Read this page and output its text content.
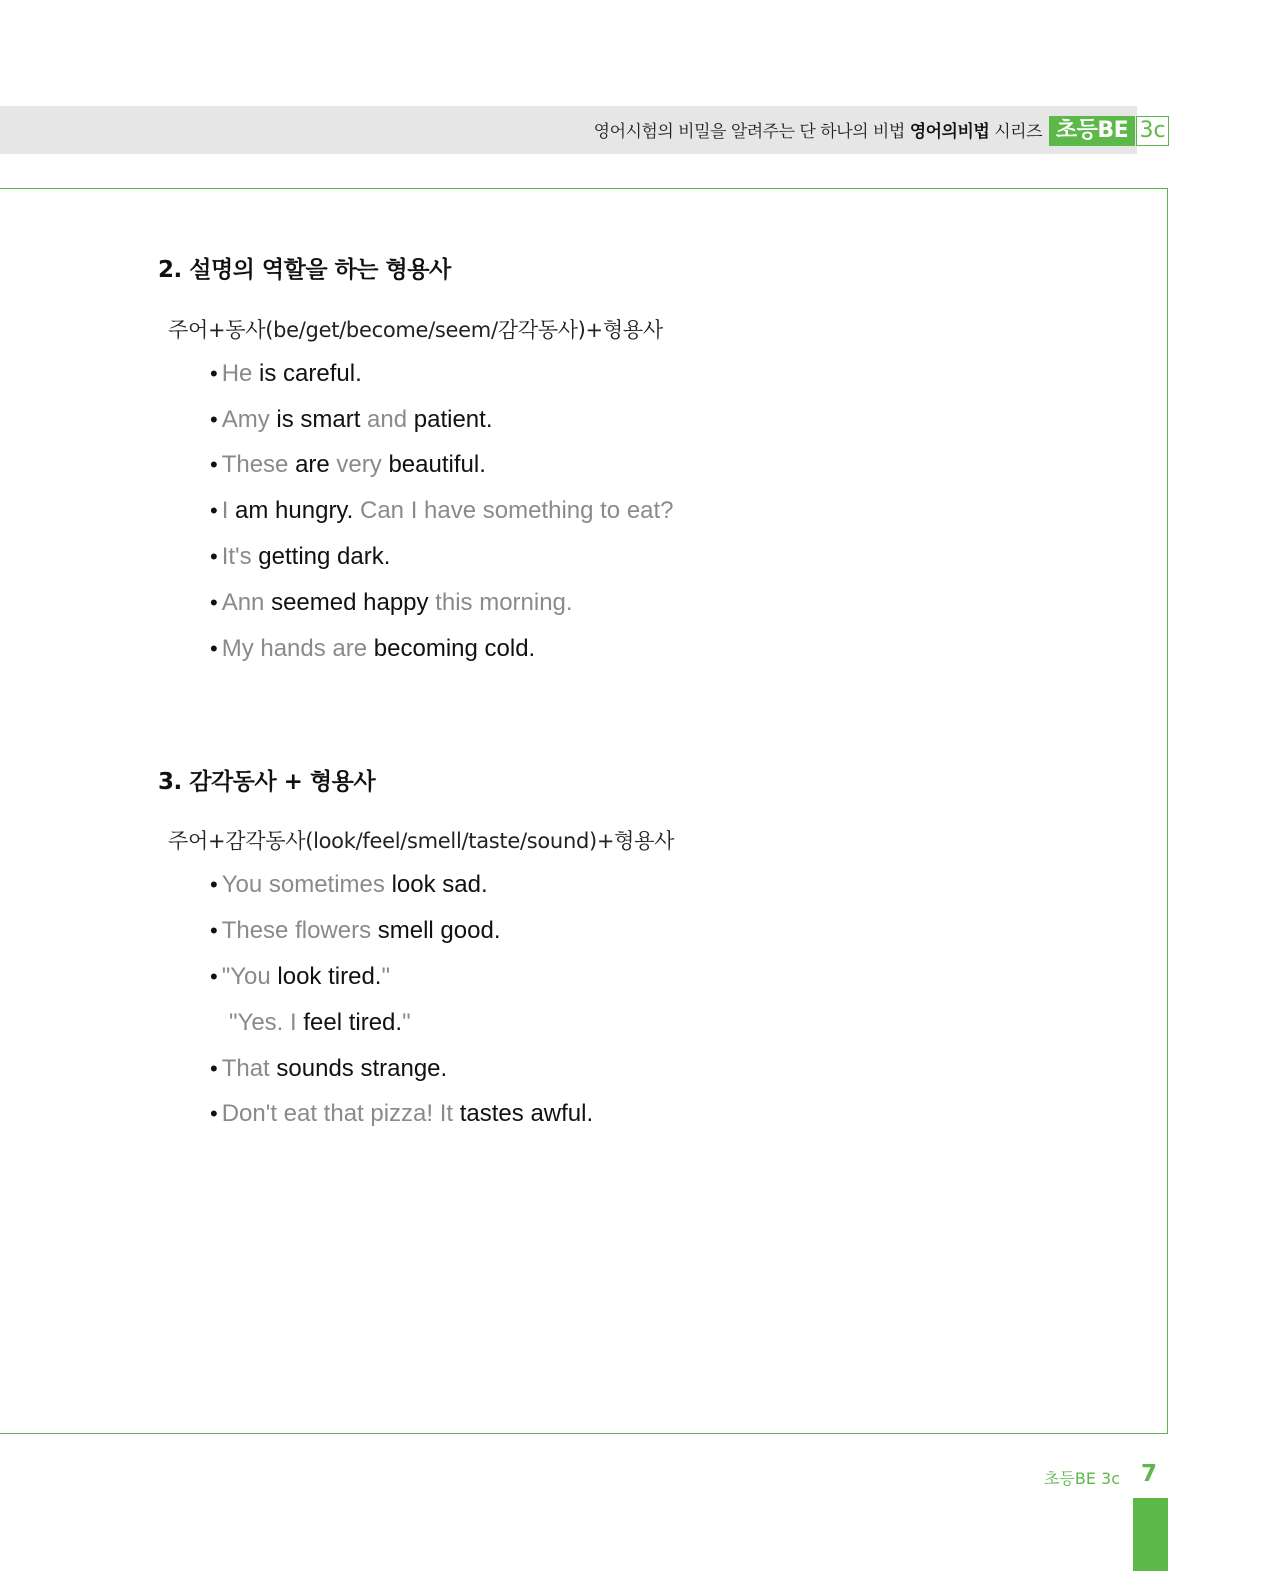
영어시험의 비밀을 알려주는 단 하나의 비법 영어의비법 시리즈 초등BE 3c
2. 설명의 역할을 하는 형용사
주어+동사(be/get/become/seem/감각동사)+형용사
• He is careful.
• Amy is smart and patient.
• These are very beautiful.
• I am hungry. Can I have something to eat?
• It's getting dark.
• Ann seemed happy this morning.
• My hands are becoming cold.
3. 감각동사 + 형용사
주어+감각동사(look/feel/smell/taste/sound)+형용사
• You sometimes look sad.
• These flowers smell good.
• "You look tired."
"Yes. I feel tired."
• That sounds strange.
• Don't eat that pizza! It tastes awful.
초등BE 3c 7
